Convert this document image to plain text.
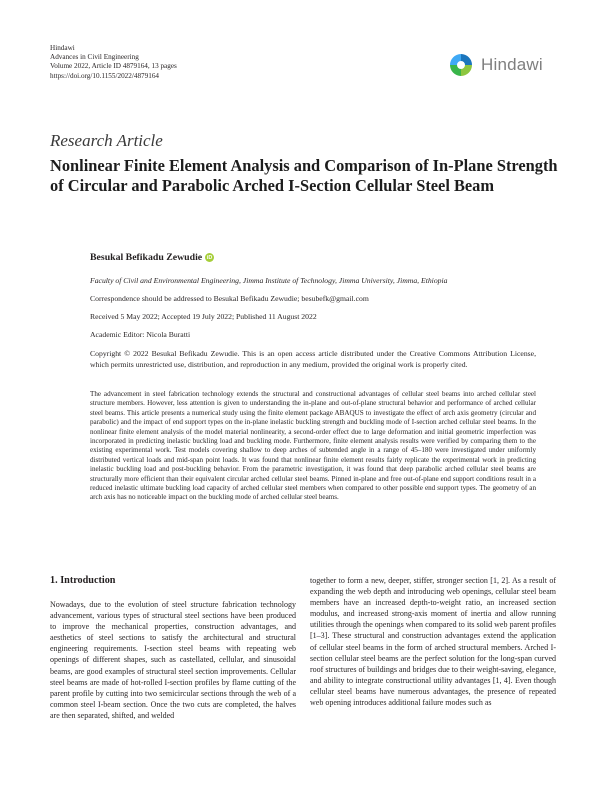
Hindawi
Advances in Civil Engineering
Volume 2022, Article ID 4879164, 13 pages
https://doi.org/10.1155/2022/4879164
Hindawi
Research Article
Nonlinear Finite Element Analysis and Comparison of In-Plane Strength of Circular and Parabolic Arched I-Section Cellular Steel Beam
Besukal Befikadu Zewudie iD
Faculty of Civil and Environmental Engineering, Jimma Institute of Technology, Jimma University, Jimma, Ethiopia
Correspondence should be addressed to Besukal Befikadu Zewudie; besubefk@gmail.com
Received 5 May 2022; Accepted 19 July 2022; Published 11 August 2022
Academic Editor: Nicola Buratti

Copyright © 2022 Besukal Befikadu Zewudie. This is an open access article distributed under the Creative Commons Attribution License, which permits unrestricted use, distribution, and reproduction in any medium, provided the original work is properly cited.

The advancement in steel fabrication technology extends the structural and constructional advantages of cellular steel beams into arched cellular steel structure members. However, less attention is given to understanding the in-plane and out-of-plane structural behavior and performance of arched cellular steel beams. This article presents a numerical study using the finite element package ABAQUS to investigate the effect of arch axis geometry (circular and parabolic) and the impact of end support types on the in-plane inelastic buckling strength and buckling mode of I-section arched cellular steel beams. In the nonlinear finite element analysis of the model material nonlinearity, a second-order effect due to large deformation and initial geometric imperfection was incorporated in predicting inelastic buckling load and buckling mode. Furthermore, finite element analysis results were verified by comparing them to the existing experimental work. Test models covering shallow to deep arches of subtended angle in a range of 45–180 were investigated under uniformly distributed vertical loads and mid-span point loads. It was found that nonlinear finite element results fairly replicate the experimental work in predicting inelastic buckling load and post-buckling behavior. From the parametric investigation, it was found that deep parabolic arched cellular steel beams are structurally more efficient than their equivalent circular arched cellular steel beams. Pinned in-plane and free out-of-plane end support conditions result in a reduced inelastic ultimate buckling load capacity of arched cellular steel members when compared to other possible end support types. The geometry of an arch axis has no noticeable impact on the buckling mode of arched cellular steel beams.

1. Introduction

Nowadays, due to the evolution of steel structure fabrication technology advancement, various types of structural steel sections have been produced to improve the mechanical properties, construction advantages, and aesthetics of steel sections to satisfy the architectural and structural engineering requirements. I-section steel beams with repeating web openings of different shapes, such as castellated, cellular, and sinusoidal beams, are good examples of structural steel section improvements. Cellular steel beams are made of hot-rolled I-section profiles by flame cutting of the parent profile by cutting into two semicircular sections through the web of a common steel I-beam section. Once the two cuts are completed, the halves are then separated, shifted, and welded

together to form a new, deeper, stiffer, stronger section [1, 2]. As a result of expanding the web depth and introducing web openings, cellular steel beam members have an increased depth-to-weight ratio, an increased section modulus, and increased strong-axis moment of inertia and allow running utilities through the openings when compared to its solid web parent profiles [1–3]. These structural and construction advantages extend the application of cellular steel beams in the form of arched structural members. Arched I-section cellular steel beams are the perfect solution for the long-span curved roof structures of buildings and bridges due to their weight-saving, elegance, and ability to integrate constructional utility advantages [1, 4]. Even though cellular steel beams have numerous advantages, the presence of repeated web opening introduces additional failure modes such as
